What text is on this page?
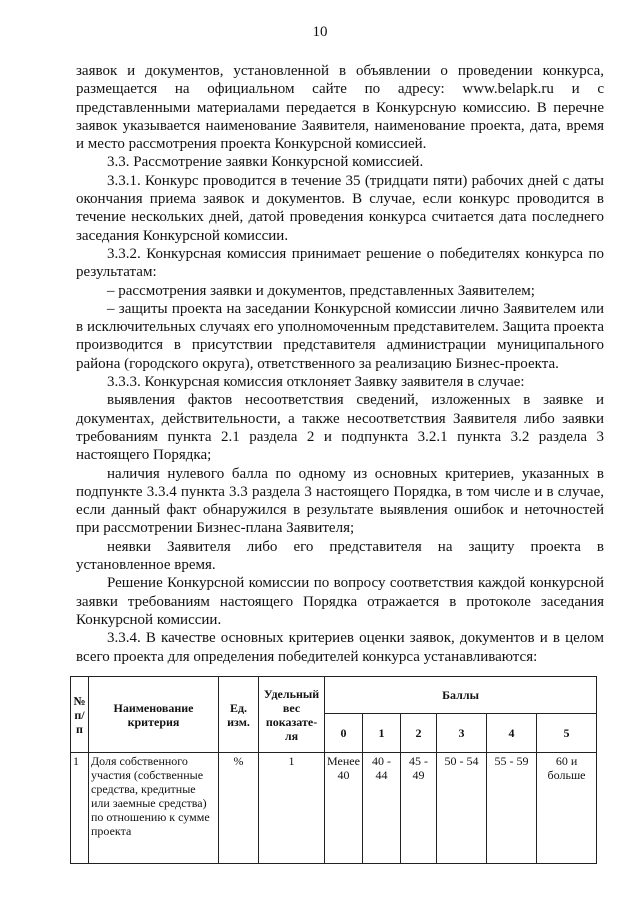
10

заявок и документов, установленной в объявлении о проведении конкурса, размещается на официальном сайте по адресу: www.belapk.ru и с представленными материалами передается в Конкурсную комиссию. В перечне заявок указывается наименование Заявителя, наименование проекта, дата, время и место рассмотрения проекта Конкурсной комиссией.

3.3. Рассмотрение заявки Конкурсной комиссией.

3.3.1. Конкурс проводится в течение 35 (тридцати пяти) рабочих дней с даты окончания приема заявок и документов. В случае, если конкурс проводится в течение нескольких дней, датой проведения конкурса считается дата последнего заседания Конкурсной комиссии.

3.3.2. Конкурсная комиссия принимает решение о победителях конкурса по результатам:

– рассмотрения заявки и документов, представленных Заявителем;

– защиты проекта на заседании Конкурсной комиссии лично Заявителем или в исключительных случаях его уполномоченным представителем. Защита проекта производится в присутствии представителя администрации муниципального района (городского округа), ответственного за реализацию Бизнес-проекта.

3.3.3. Конкурсная комиссия отклоняет Заявку заявителя в случае:

выявления фактов несоответствия сведений, изложенных в заявке и документах, действительности, а также несоответствия Заявителя либо заявки требованиям пункта 2.1 раздела 2 и подпункта 3.2.1 пункта 3.2 раздела 3 настоящего Порядка;

наличия нулевого балла по одному из основных критериев, указанных в подпункте 3.3.4 пункта 3.3 раздела 3 настоящего Порядка, в том числе и в случае, если данный факт обнаружился в результате выявления ошибок и неточностей при рассмотрении Бизнес-плана Заявителя;

неявки Заявителя либо его представителя на защиту проекта в установленное время.

Решение Конкурсной комиссии по вопросу соответствия каждой конкурсной заявки требованиям настоящего Порядка отражается в протоколе заседания Конкурсной комиссии.

3.3.4. В качестве основных критериев оценки заявок, документов и в целом всего проекта для определения победителей конкурса устанавливаются:

№ п/п	Наименование критерия	Ед. изм.	Удельный вес показате-ля	Баллы					
				0	1	2	3	4	5
1	Доля собственного участия (собственные средства, кредитные или заемные средства) по отношению к сумме проекта	%	1	Менее 40	40 - 44	45 - 49	50 - 54	55 - 59	60 и больше
